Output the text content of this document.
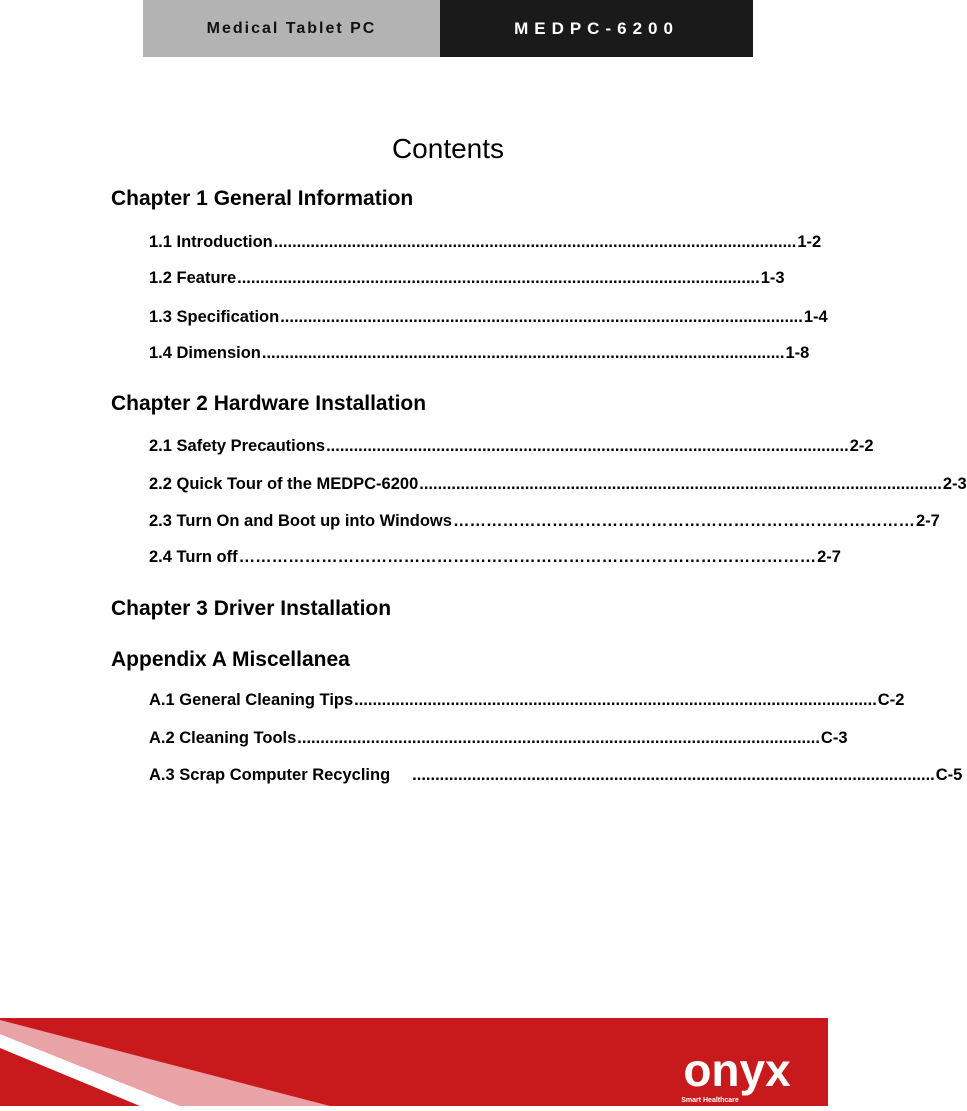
Medical Tablet PC	MEDPC-6200
Contents
Chapter 1 General Information
1.1 Introduction .................................................................................................................. 1-2
1.2 Feature .................................................................................................................. 1-3
1.3 Specification .................................................................................................................. 1-4
1.4 Dimension .................................................................................................................. 1-8
Chapter 2 Hardware Installation
2.1 Safety Precautions .................................................................................................................. 2-2
2.2 Quick Tour of the MEDPC-6200 .................................................................................................................. 2-3
2.3 Turn On and Boot up into Windows ………………………………………………………………………… 2-7
2.4 Turn off …………………………………………………………………………………………… 2-7
Chapter 3 Driver Installation
Appendix A Miscellanea
A.1 General Cleaning Tips .................................................................................................................. C-2
A.2 Cleaning Tools .................................................................................................................. C-3
A.3 Scrap Computer Recycling .................................................................................................................. C-5
onyx
Smart Healthcare
